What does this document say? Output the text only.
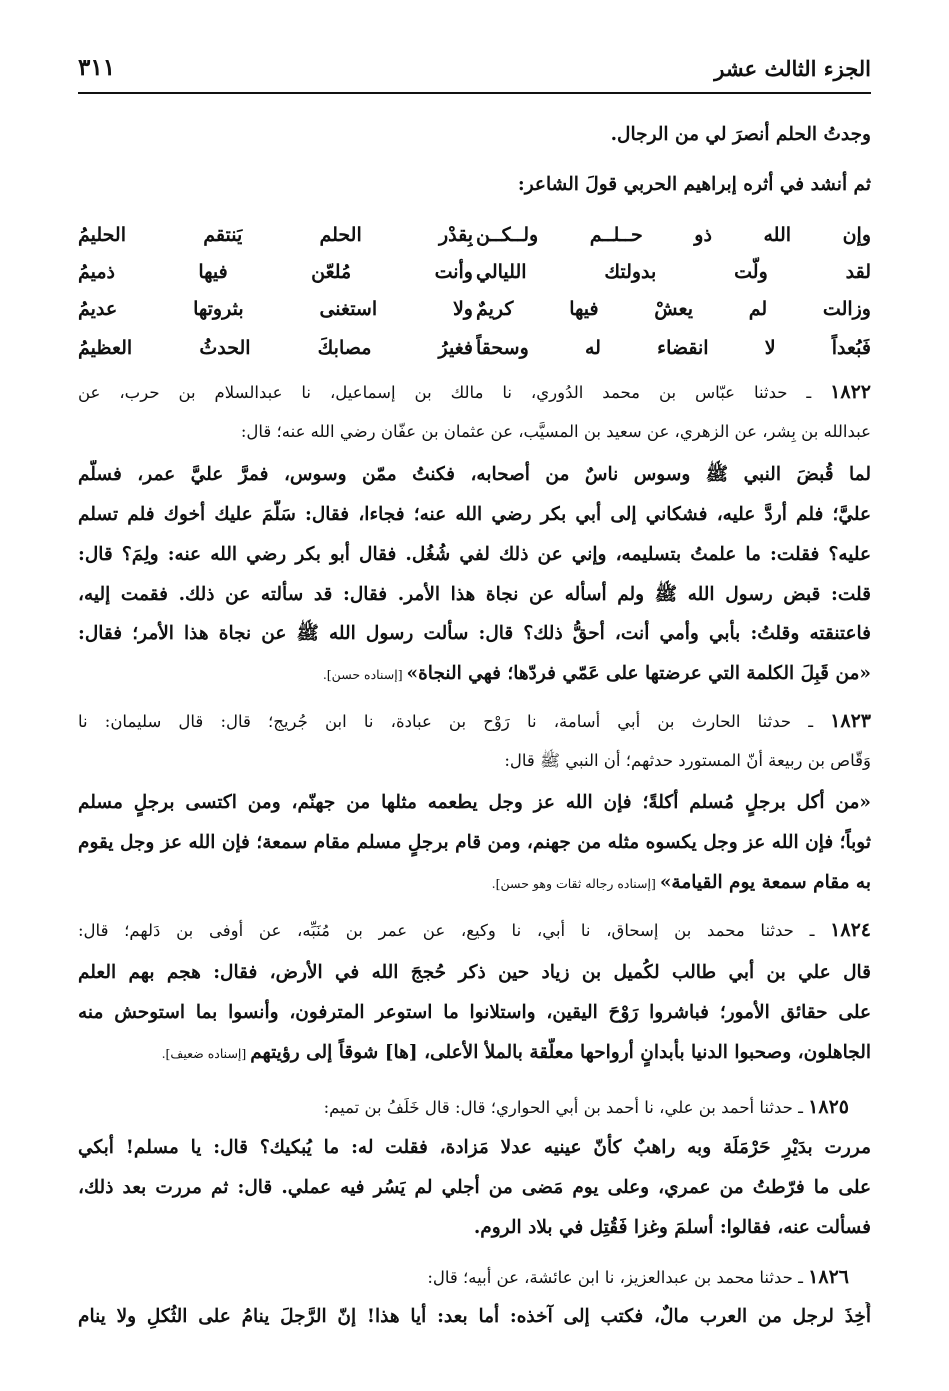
الجزء الثالث عشر
٣١١
وجدتُ الحلم أنصرَ لي من الرجال.
ثم أنشد في أثره إبراهيم الحربي قولَ الشاعر:
وإن الله ذو حــلــم ولــكــن
بِقدْر الحلم يَنتقم الحليمُ
لقد ولّت بدولتك الليالي
وأنت مُلعّن فيها ذميمُ
وزالت لم يعشْ فيها كريمٌ
ولا استغنى بثروتها عديمُ
فَبُعداً لا انقضاء له وسحقاً
فغيرُ مصابكَ الحدثُ العظيمُ
١٨٢٢ ـ حدثنا عبّاس بن محمد الدُوري، نا مالك بن إسماعيل، نا عبدالسلام بن حرب، عن
عبدالله بن بِشر، عن الزهري، عن سعيد بن المسيَّب، عن عثمان بن عفّان رضي الله عنه؛ قال:
لما قُبضَ النبي ﷺ وسوس ناسٌ من أصحابه، فكنتُ ممّن وسوس، فمرَّ عليَّ عمر، فسلَّم
عليَّ؛ فلم أردَّ عليه، فشكاني إلى أبي بكر رضي الله عنه؛ فجاءا، فقال: سَلَّمَ عليك أخوك فلم تسلم
عليه؟ فقلت: ما علمتُ بتسليمه، وإني عن ذلك لفي شُغُل. فقال أبو بكر رضي الله عنه: ولِمَ؟ قال:
قلت: قبض رسول الله ﷺ ولم أسأله عن نجاة هذا الأمر. فقال: قد سألته عن ذلك. فقمت إليه،
فاعتنقته وقلتُ: بأبي وأمي أنت، أحقُّ ذلك؟ قال: سألت رسول الله ﷺ عن نجاة هذا الأمر؛ فقال:
«من قَبِلَ الكلمة التي عرضتها على عَمّي فردّها؛ فهي النجاة» [إسناده حسن].
١٨٢٣ ـ حدثنا الحارث بن أبي أسامة، نا رَوْح بن عبادة، نا ابن جُريج؛ قال: قال سليمان: نا
وَقّاص بن ربيعة أنّ المستورد حدثهم؛ أن النبي ﷺ قال:
«من أكل برجلٍ مُسلم أكلةً؛ فإن الله عز وجل يطعمه مثلها من جهنّم، ومن اكتسى برجلٍ مسلم
ثوباً؛ فإن الله عز وجل يكسوه مثله من جهنم، ومن قام برجلٍ مسلم مقام سمعة؛ فإن الله عز وجل يقوم
به مقام سمعة يوم القيامة» [إسناده رجاله ثقات وهو حسن].
١٨٢٤ ـ حدثنا محمد بن إسحاق، نا أبي، نا وكيع، عن عمر بن مُنَبِّه، عن أوفى بن دَلهم؛ قال:
قال علي بن أبي طالب لكُميل بن زياد حين ذكر حُججَ الله في الأرض، فقال: هجم بهم العلم
على حقائق الأمور؛ فباشروا رَوْحَ اليقين، واستلانوا ما استوعر المترفون، وأنسوا بما استوحش منه
الجاهلون، وصحبوا الدنيا بأبدانٍ أرواحها معلّقة بالملأ الأعلى، [ها] شوقاً إلى رؤيتهم [إسناده ضعيف].
١٨٢٥ ـ حدثنا أحمد بن علي، نا أحمد بن أبي الحواري؛ قال: قال خَلَفُ بن تميم:
مررت بدَيْرِ حَرْمَلَة وبه راهبٌ كأنّ عينيه عدلا مَزادة، فقلت له: ما يُبكيك؟ قال: يا مسلم! أبكي
على ما فرّطتُ من عمري، وعلى يوم مَضى من أجلي لم يَسُر فيه عملي. قال: ثم مررت بعد ذلك،
فسألت عنه، فقالوا: أسلمَ وغزا فَقُتِل في بلاد الروم.
١٨٢٦ ـ حدثنا محمد بن عبدالعزيز، نا ابن عائشة، عن أبيه؛ قال:
أُخِذَ لرجل من العرب مالٌ، فكتب إلى آخذه: أما بعد: أيا هذا! إنّ الرَّجلَ ينامُ على الثُكلِ ولا ينام
